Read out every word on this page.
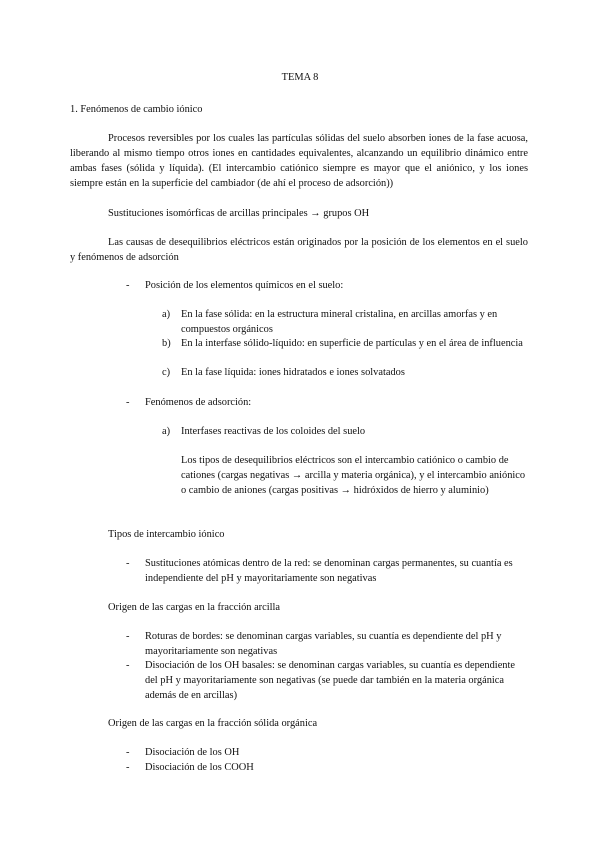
TEMA 8
1. Fenómenos de cambio iónico
Procesos reversibles por los cuales las partículas sólidas del suelo absorben iones de la fase acuosa, liberando al mismo tiempo otros iones en cantidades equivalentes, alcanzando un equilibrio dinámico entre ambas fases (sólida y líquida). (El intercambio catiónico siempre es mayor que el aniónico, y los iones siempre están en la superficie del cambiador (de ahí el proceso de adsorción))
Sustituciones isomórficas de arcillas principales → grupos OH
Las causas de desequilibrios eléctricos están originados por la posición de los elementos en el suelo y fenómenos de adsorción
-	Posición de los elementos químicos en el suelo:
a)	En la fase sólida: en la estructura mineral cristalina, en arcillas amorfas y en compuestos orgánicos
b) En la interfase sólido-líquido: en superficie de partículas y en el área de influencia
c)	En la fase líquida: iones hidratados e iones solvatados
-	Fenómenos de adsorción:
a)	Interfases reactivas de los coloides del suelo
Los tipos de desequilibrios eléctricos son el intercambio catiónico o cambio de cationes (cargas negativas → arcilla y materia orgánica), y el intercambio aniónico o cambio de aniones (cargas positivas → hidróxidos de hierro y aluminio)
Tipos de intercambio iónico
-	Sustituciones atómicas dentro de la red: se denominan cargas permanentes, su cuantía es independiente del pH y mayoritariamente son negativas
Origen de las cargas en la fracción arcilla
-	Roturas de bordes: se denominan cargas variables, su cuantía es dependiente del pH y mayoritariamente son negativas
-	Disociación de los OH basales: se denominan cargas variables, su cuantía es dependiente del pH y mayoritariamente son negativas (se puede dar también en la materia orgánica además de en arcillas)
Origen de las cargas en la fracción sólida orgánica
-	Disociación de los OH
-	Disociación de los COOH
